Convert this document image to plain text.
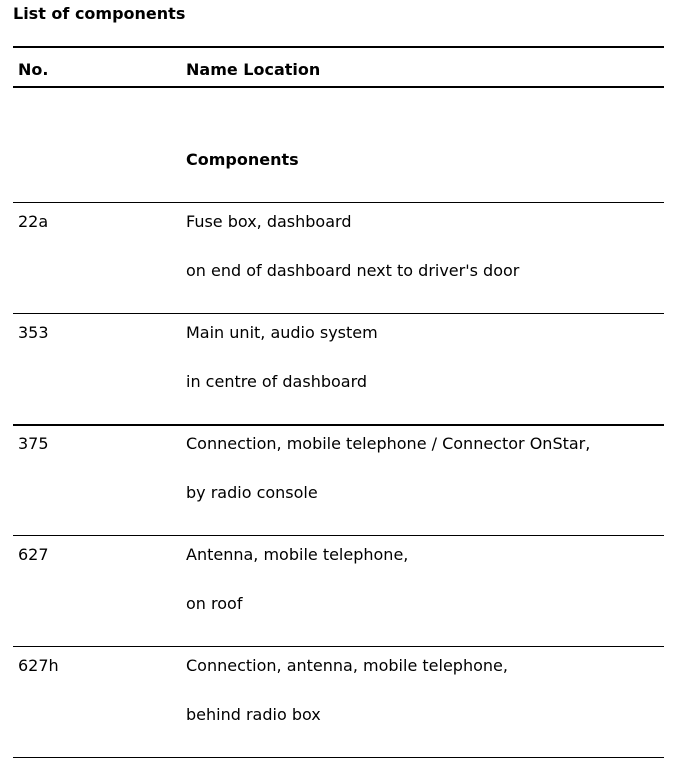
List of components
No.	Name Location
Components
22a	Fuse box, dashboard
on end of dashboard next to driver's door
353	Main unit, audio system
in centre of dashboard
375	Connection, mobile telephone / Connector OnStar,
by radio console
627	Antenna, mobile telephone,
on roof
627h	Connection, antenna, mobile telephone,
behind radio box
